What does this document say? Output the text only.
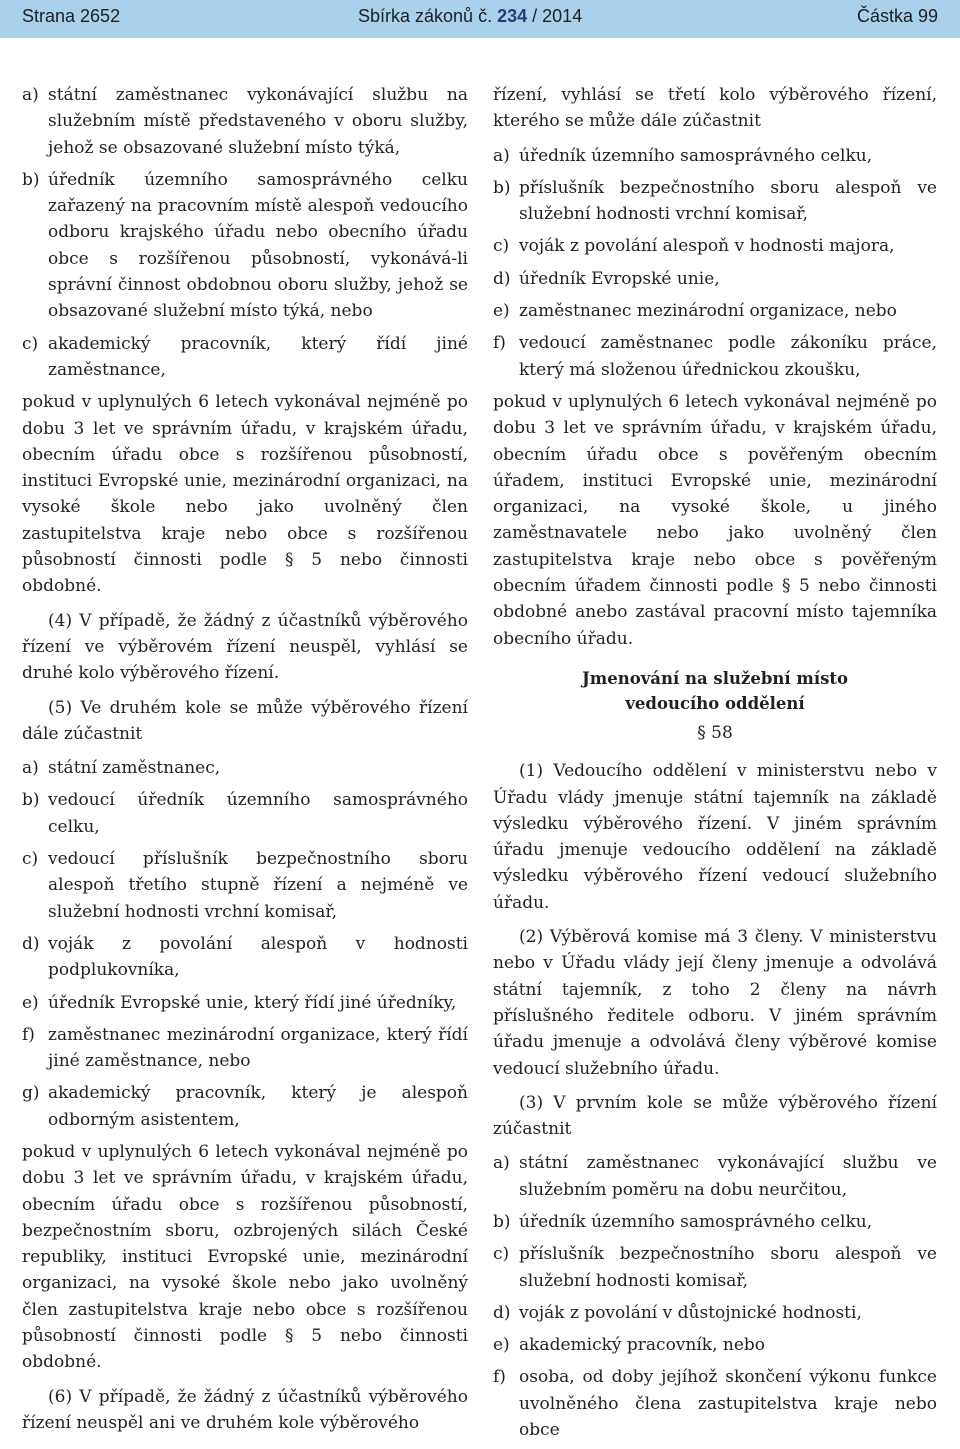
Strana 2652	Sbírka zákonů č. 234 / 2014	Částka 99
a) státní zaměstnanec vykonávající službu na služebním místě představeného v oboru služby, jehož se obsazované služební místo týká,
b) úředník územního samosprávného celku zařazený na pracovním místě alespoň vedoucího odboru krajského úřadu nebo obecního úřadu obce s rozšířenou působností, vykonává-li správní činnost obdobnou oboru služby, jehož se obsazované služební místo týká, nebo
c) akademický pracovník, který řídí jiné zaměstnance,

pokud v uplynulých 6 letech vykonával nejméně po dobu 3 let ve správním úřadu, v krajském úřadu, obecním úřadu obce s rozšířenou působností, instituci Evropské unie, mezinárodní organizaci, na vysoké škole nebo jako uvolněný člen zastupitelstva kraje nebo obce s rozšířenou působností činnosti podle § 5 nebo činnosti obdobné.

(4) V případě, že žádný z účastníků výběrového řízení ve výběrovém řízení neuspěl, vyhlásí se druhé kolo výběrového řízení.

(5) Ve druhém kole se může výběrového řízení dále zúčastnit

a) státní zaměstnanec,
b) vedoucí úředník územního samosprávného celku,
c) vedoucí příslušník bezpečnostního sboru alespoň třetího stupně řízení a nejméně ve služební hodnosti vrchní komisař,
d) voják z povolání alespoň v hodnosti podplukovníka,
e) úředník Evropské unie, který řídí jiné úředníky,
f) zaměstnanec mezinárodní organizace, který řídí jiné zaměstnance, nebo
g) akademický pracovník, který je alespoň odborným asistentem,

pokud v uplynulých 6 letech vykonával nejméně po dobu 3 let ve správním úřadu, v krajském úřadu, obecním úřadu obce s rozšířenou působností, bezpečnostním sboru, ozbrojených silách České republiky, instituci Evropské unie, mezinárodní organizaci, na vysoké škole nebo jako uvolněný člen zastupitelstva kraje nebo obce s rozšířenou působností činnosti podle § 5 nebo činnosti obdobné.

(6) V případě, že žádný z účastníků výběrového řízení neuspěl ani ve druhém kole výběrového

řízení, vyhlásí se třetí kolo výběrového řízení, kterého se může dále zúčastnit

a) úředník územního samosprávného celku,
b) příslušník bezpečnostního sboru alespoň ve služební hodnosti vrchní komisař,
c) voják z povolání alespoň v hodnosti majora,
d) úředník Evropské unie,
e) zaměstnanec mezinárodní organizace, nebo
f) vedoucí zaměstnanec podle zákoníku práce, který má složenou úřednickou zkoušku,

pokud v uplynulých 6 letech vykonával nejméně po dobu 3 let ve správním úřadu, v krajském úřadu, obecním úřadu obce s pověřeným obecním úřadem, instituci Evropské unie, mezinárodní organizaci, na vysoké škole, u jiného zaměstnavatele nebo jako uvolněný člen zastupitelstva kraje nebo obce s pověřeným obecním úřadem činnosti podle § 5 nebo činnosti obdobné anebo zastával pracovní místo tajemníka obecního úřadu.

Jmenování na služební místo
vedoucího oddělení
§ 58

(1) Vedoucího oddělení v ministerstvu nebo v Úřadu vlády jmenuje státní tajemník na základě výsledku výběrového řízení. V jiném správním úřadu jmenuje vedoucího oddělení na základě výsledku výběrového řízení vedoucí služebního úřadu.

(2) Výběrová komise má 3 členy. V ministerstvu nebo v Úřadu vlády její členy jmenuje a odvolává státní tajemník, z toho 2 členy na návrh příslušného ředitele odboru. V jiném správním úřadu jmenuje a odvolává členy výběrové komise vedoucí služebního úřadu.

(3) V prvním kole se může výběrového řízení zúčastnit

a) státní zaměstnanec vykonávající službu ve služebním poměru na dobu neurčitou,
b) úředník územního samosprávného celku,
c) příslušník bezpečnostního sboru alespoň ve služební hodnosti komisař,
d) voják z povolání v důstojnické hodnosti,
e) akademický pracovník, nebo
f) osoba, od doby jejíhož skončení výkonu funkce uvolněného člena zastupitelstva kraje nebo obce
